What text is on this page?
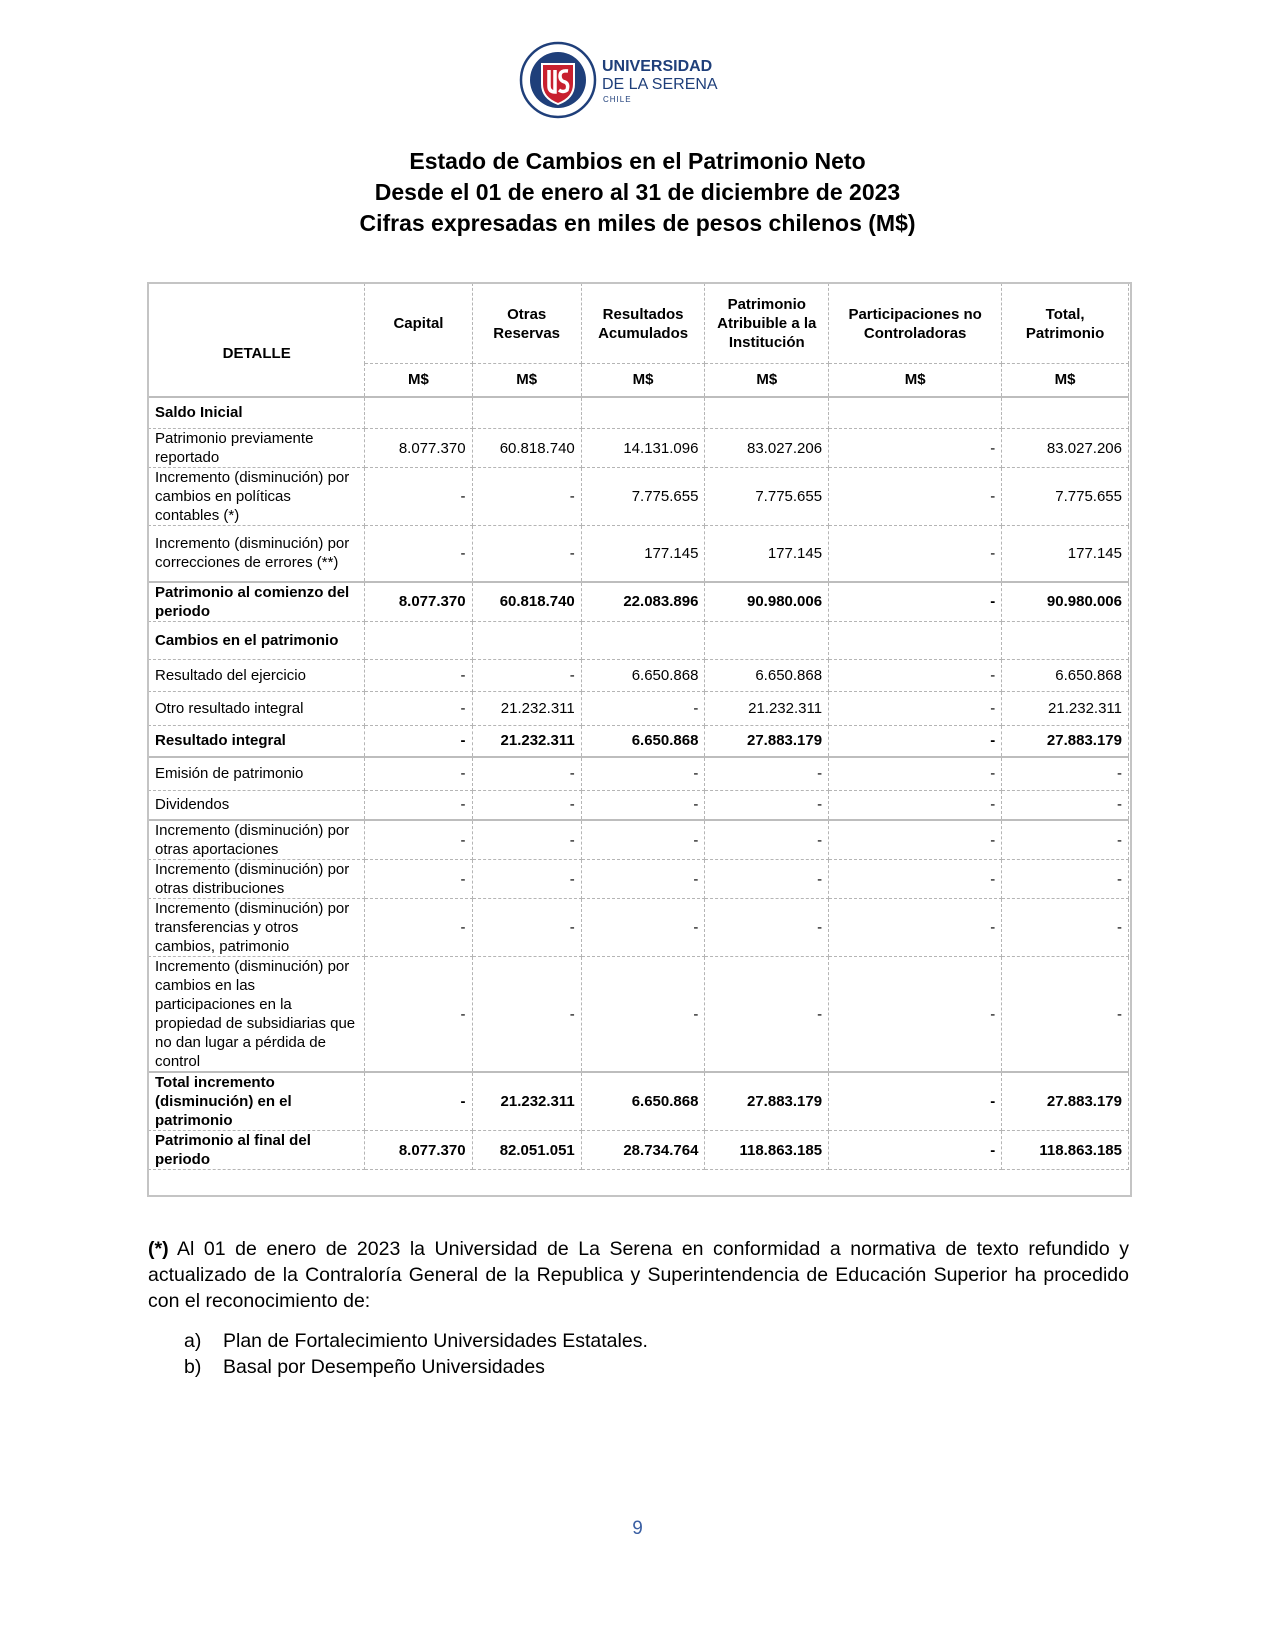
UNIVERSIDAD
DE LA SERENA
CHILE
Estado de Cambios en el Patrimonio Neto
Desde el 01 de enero al 31 de diciembre de 2023
Cifras expresadas en miles de pesos chilenos (M$)
DETALLE	Capital	Otras Reservas	Resultados Acumulados	Patrimonio Atribuible a la Institución	Participaciones no Controladoras	Total, Patrimonio
	M$	M$	M$	M$	M$	M$
Saldo Inicial						
Patrimonio previamente reportado	8.077.370	60.818.740	14.131.096	83.027.206	-	83.027.206
Incremento (disminución) por cambios en políticas contables (*)	-	-	7.775.655	7.775.655	-	7.775.655
Incremento (disminución) por correcciones de errores (**)	-	-	177.145	177.145	-	177.145
Patrimonio al comienzo del periodo	8.077.370	60.818.740	22.083.896	90.980.006	-	90.980.006
Cambios en el patrimonio						
Resultado del ejercicio	-	-	6.650.868	6.650.868	-	6.650.868
Otro resultado integral	-	21.232.311	-	21.232.311	-	21.232.311
Resultado integral	-	21.232.311	6.650.868	27.883.179	-	27.883.179
Emisión de patrimonio	-	-	-	-	-	-
Dividendos	-	-	-	-	-	-
Incremento (disminución) por otras aportaciones	-	-	-	-	-	-
Incremento (disminución) por otras distribuciones	-	-	-	-	-	-
Incremento (disminución) por transferencias y otros cambios, patrimonio	-	-	-	-	-	-
Incremento (disminución) por cambios en las participaciones en la propiedad de subsidiarias que no dan lugar a pérdida de control	-	-	-	-	-	-
Total incremento (disminución) en el patrimonio	-	21.232.311	6.650.868	27.883.179	-	27.883.179
Patrimonio al final del periodo	8.077.370	82.051.051	28.734.764	118.863.185	-	118.863.185
(*) Al 01 de enero de 2023 la Universidad de La Serena en conformidad a normativa de texto refundido y actualizado de la Contraloría General de la Republica y Superintendencia de Educación Superior ha procedido con el reconocimiento de:
a)	Plan de Fortalecimiento Universidades Estatales.
b)	Basal por Desempeño Universidades
9
